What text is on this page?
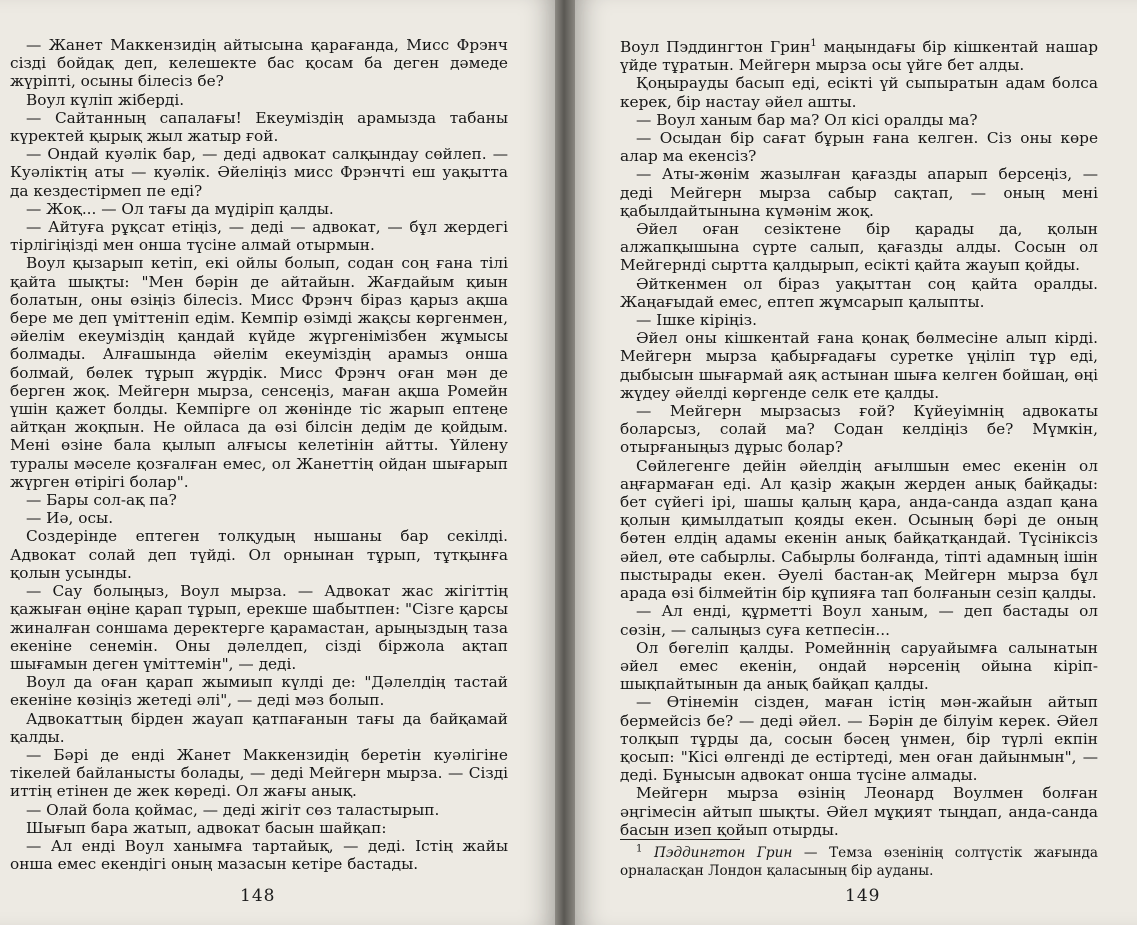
— Жанет Маккензидің айтысына қарағанда, Мисс Фрэнч сізді бойдақ деп, келешекте бас қосам ба деген дәмеде жүріпті, осыны білесіз бе?

Воул күліп жіберді.

— Сайтанның сапалағы! Екеуміздің арамызда табаны күректей қырық жыл жатыр ғой.

— Ондай куәлік бар, — деді адвокат салқындау сөйлеп. — Куәліктің аты — куәлік. Әйеліңіз мисс Фрэнчті еш уақытта да кездестірмеп пе еді?

— Жоқ... — Ол тағы да мүдіріп қалды.

— Айтуға рұқсат етіңіз, — деді — адвокат, — бұл жердегі тірлігіңізді мен онша түсіне алмай отырмын.

Воул қызарып кетіп, екі ойлы болып, содан соң ғана тілі қайта шықты: "Мен бәрін де айтайын. Жағдайым қиын болатын, оны өзіңіз білесіз. Мисс Фрэнч біраз қарыз ақша бере ме деп үміттеніп едім. Кемпір өзімді жақсы көргенмен, әйелім екеуміздің қандай күйде жүргенімізбен жұмысы болмады. Алғашында әйелім екеуміздің арамыз онша болмай, бөлек тұрып жүрдік. Мисс Фрэнч оған мән де берген жоқ. Мейгерн мырза, сенсеңіз, маған ақша Ромейн үшін қажет болды. Кемпірге ол жөнінде тіс жарып ептеңе айтқан жоқпын. Не ойласа да өзі білсін дедім де қойдым. Мені өзіне бала қылып алғысы келетінін айтты. Үйлену туралы мәселе қозғалған емес, ол Жанеттің ойдан шығарып жүрген өтірігі болар".

— Бары сол-ақ па?

— Иә, осы.

Создерінде ептеген толқудың нышаны бар секілді. Адвокат солай деп түйді. Ол орнынан тұрып, тұтқынға қолын усынды.

— Сау болыңыз, Воул мырза. — Адвокат жас жігіттің қажыған өңіне қарап тұрып, ерекше шабытпен: "Сізге қарсы жиналған соншама деректерге қарамастан, арыңыздың таза екеніне сенемін. Оны дәлелдеп, сізді біржола ақтап шығамын деген үміттемін", — деді.

Воул да оған қарап жымиып күлді де: "Дәлелдің тастай екеніне көзіңіз жетеді әлі", — деді мәз болып.

Адвокаттың бірден жауап қатпағанын тағы да байқамай қалды.

— Бәрі де енді Жанет Маккензидің беретін куәлігіне тікелей байланысты болады, — деді Мейгерн мырза. — Сізді иттің етінен де жек көреді. Ол жағы анық.

— Олай бола қоймас, — деді жігіт сөз таластырып.

Шығып бара жатып, адвокат басын шайқап:

— Ал енді Воул ханымға тартайық, — деді. Істің жайы онша емес екендігі оның мазасын кетіре бастады.

148

Воул Пэддингтон Грин$^1$ маңындағы бір кішкентай нашар үйде тұратын. Мейгерн мырза осы үйге бет алды.

Қоңырауды басып еді, есікті үй сыпыратын адам болса керек, бір настау әйел ашты.

— Воул ханым бар ма? Ол кісі оралды ма?

— Осыдан бір сағат бұрын ғана келген. Сіз оны көре алар ма екенсіз?

— Аты-жөнім жазылған қағазды апарып берсеңіз, — деді Мейгерн мырза сабыр сақтап, — оның мені қабылдайтынына күмәнім жоқ.

Әйел оған сезіктене бір қарады да, қолын алжапқышына сүрте салып, қағазды алды. Сосын ол Мейгернді сыртта қалдырып, есікті қайта жауып қойды.

Әйткенмен ол біраз уақыттан соң қайта оралды. Жаңағыдай емес, ептеп жұмсарып қалыпты.

— Ішке кіріңіз.

Әйел оны кішкентай ғана қонақ бөлмесіне алып кірді. Мейгерн мырза қабырғадағы суретке үңіліп тұр еді, дыбысын шығармай аяқ астынан шыға келген бойшаң, өңі жүдеу әйелді көргенде селк ете қалды.

— Мейгерн мырзасыз ғой? Күйеуімнің адвокаты боларсыз, солай ма? Содан келдіңіз бе? Мүмкін, отырғаныңыз дұрыс болар?

Сөйлегенге дейін әйелдің ағылшын емес екенін ол аңғармаған еді. Ал қазір жақын жерден анық байқады: бет сүйегі ірі, шашы қалың қара, анда-санда аздап қана қолын қимылдатып қояды екен. Осының бәрі де оның бөтен елдің адамы екенін анық байқатқандай. Түсініксіз әйел, өте сабырлы. Сабырлы болғанда, тіпті адамның ішін пыстырады екен. Әуелі бастан-ақ Мейгерн мырза бұл арада өзі білмейтін бір құпияға тап болғанын сезіп қалды.

— Ал енді, құрметті Воул ханым, — деп бастады ол сөзін, — салыңыз суға кетпесін...

Ол бөгеліп қалды. Ромейннің саруайымға салынатын әйел емес екенін, ондай нәрсенің ойына кіріп-шықпайтынын да анық байқап қалды.

— Өтінемін сізден, маған істің мән-жайын айтып бермейсіз бе? — деді әйел. — Бәрін де білуім керек. Әйел толқып тұрды да, сосын бәсең үнмен, бір түрлі екпін қосып: "Кісі өлгенді де естіртеді, мен оған дайынмын", — деді. Бұнысын адвокат онша түсіне алмады.

Мейгерн мырза өзінің Леонард Воулмен болған әңгімесін айтып шықты. Әйел мұқият тыңдап, анда-санда басын изеп қойып отырды.

$^1$ Пэддингтон Грин — Темза өзенінің солтүстік жағында орналасқан Лондон қаласының бір ауданы.
149
